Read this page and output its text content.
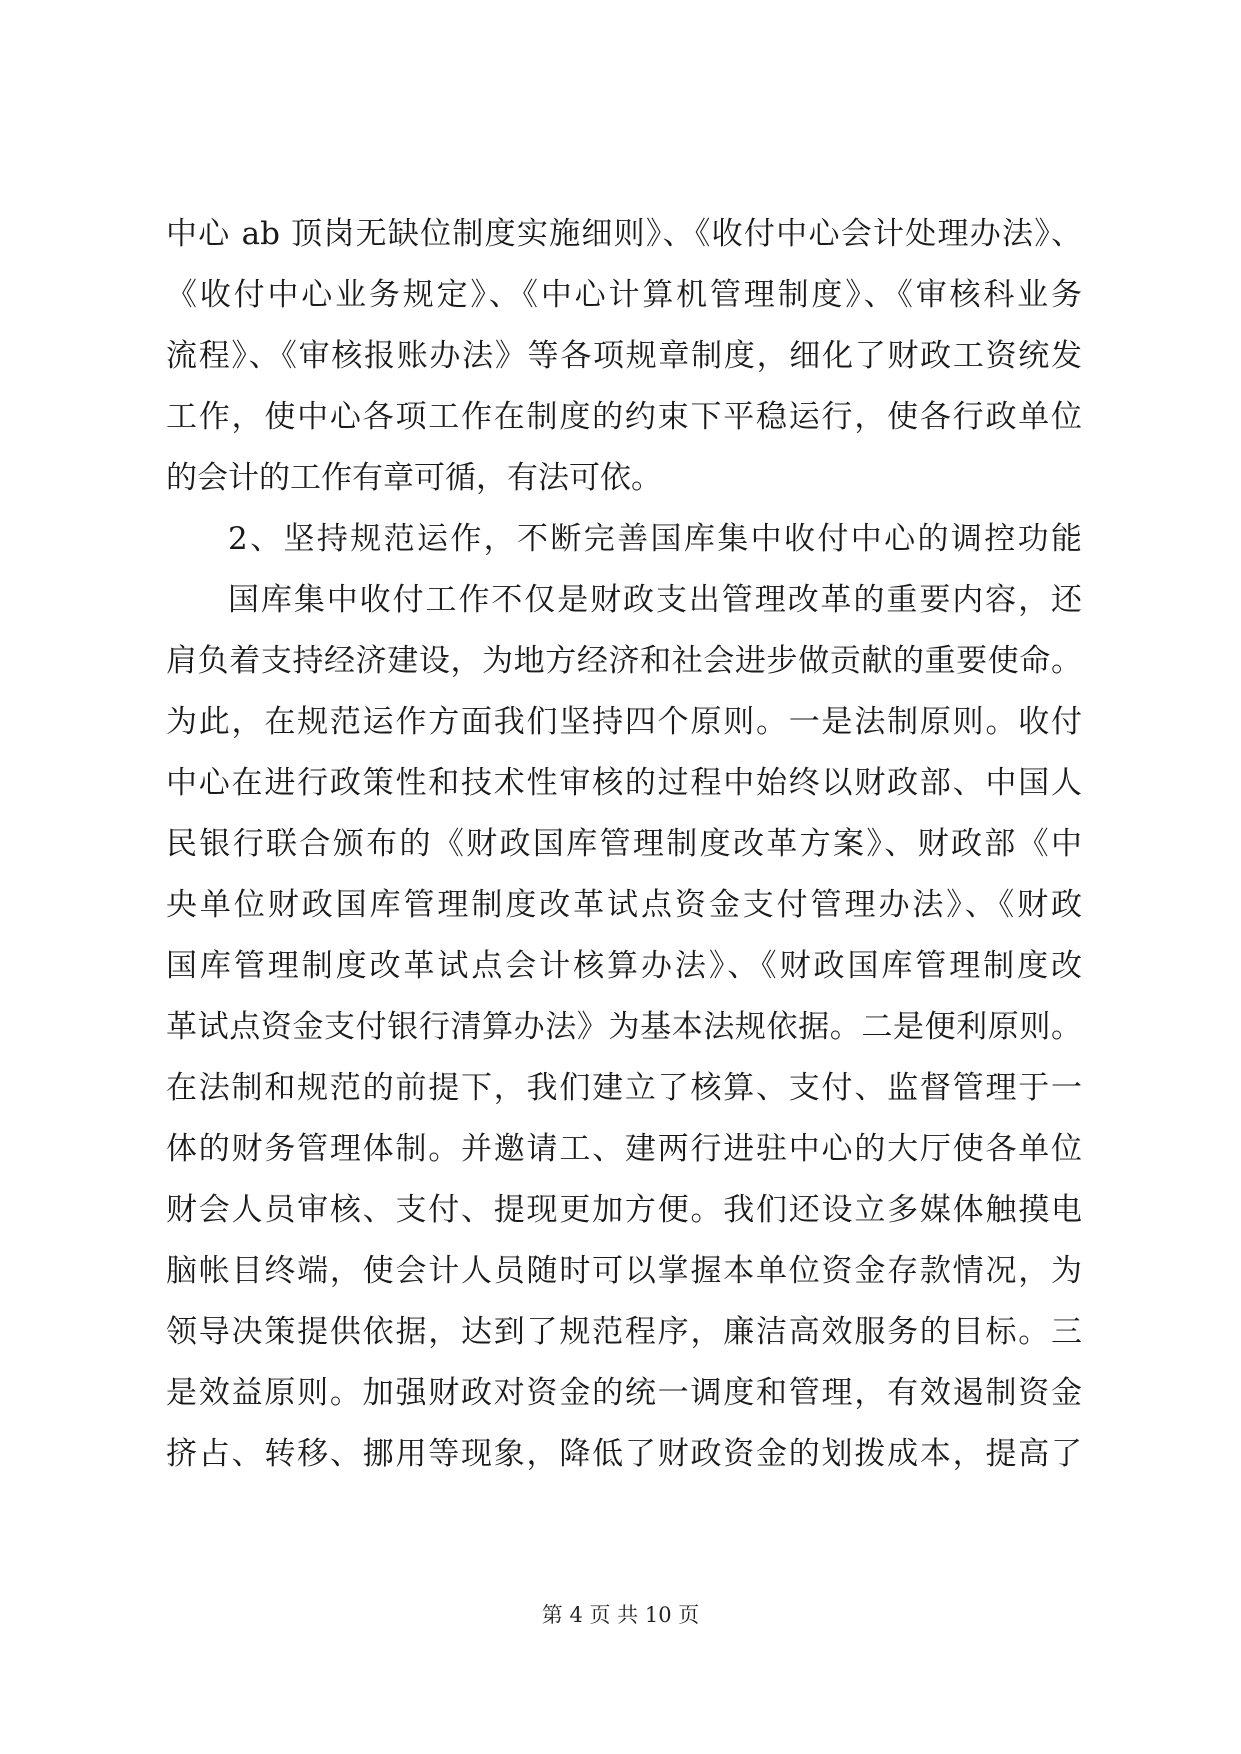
中心 ab 顶岗无缺位制度实施细则》、《收付中心会计处理办法》、
《收付中心业务规定》、《中心计算机管理制度》、《审核科业务
流程》、《审核报账办法》等各项规章制度，细化了财政工资统发
工作，使中心各项工作在制度的约束下平稳运行，使各行政单位
的会计的工作有章可循，有法可依。
2、坚持规范运作，不断完善国库集中收付中心的调控功能
国库集中收付工作不仅是财政支出管理改革的重要内容，还
肩负着支持经济建设，为地方经济和社会进步做贡献的重要使命。
为此，在规范运作方面我们坚持四个原则。一是法制原则。收付
中心在进行政策性和技术性审核的过程中始终以财政部、中国人
民银行联合颁布的《财政国库管理制度改革方案》、财政部《中
央单位财政国库管理制度改革试点资金支付管理办法》、《财政
国库管理制度改革试点会计核算办法》、《财政国库管理制度改
革试点资金支付银行清算办法》为基本法规依据。二是便利原则。
在法制和规范的前提下，我们建立了核算、支付、监督管理于一
体的财务管理体制。并邀请工、建两行进驻中心的大厅使各单位
财会人员审核、支付、提现更加方便。我们还设立多媒体触摸电
脑帐目终端，使会计人员随时可以掌握本单位资金存款情况，为
领导决策提供依据，达到了规范程序，廉洁高效服务的目标。三
是效益原则。加强财政对资金的统一调度和管理，有效遏制资金
挤占、转移、挪用等现象，降低了财政资金的划拨成本，提高了
第 4 页 共 10 页
